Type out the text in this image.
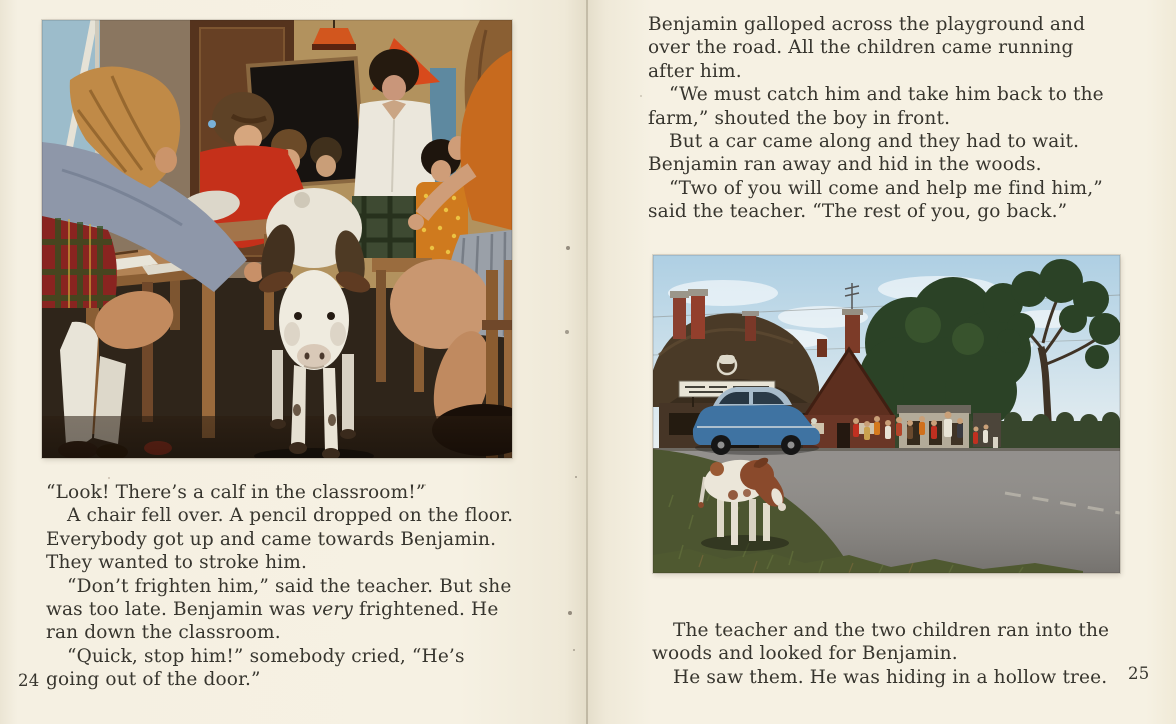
“Look! There’s a calf in the classroom!”
A chair fell over. A pencil dropped on the floor.
Everybody got up and came towards Benjamin.
They wanted to stroke him.
“Don’t frighten him,” said the teacher. But she
was too late. Benjamin was very frightened. He
ran down the classroom.
“Quick, stop him!” somebody cried, “He’s
going out of the door.”
24
Benjamin galloped across the playground and
over the road. All the children came running
after him.
“We must catch him and take him back to the
farm,” shouted the boy in front.
But a car came along and they had to wait.
Benjamin ran away and hid in the woods.
“Two of you will come and help me find him,”
said the teacher. “The rest of you, go back.”
The teacher and the two children ran into the
woods and looked for Benjamin.
He saw them. He was hiding in a hollow tree. 25
